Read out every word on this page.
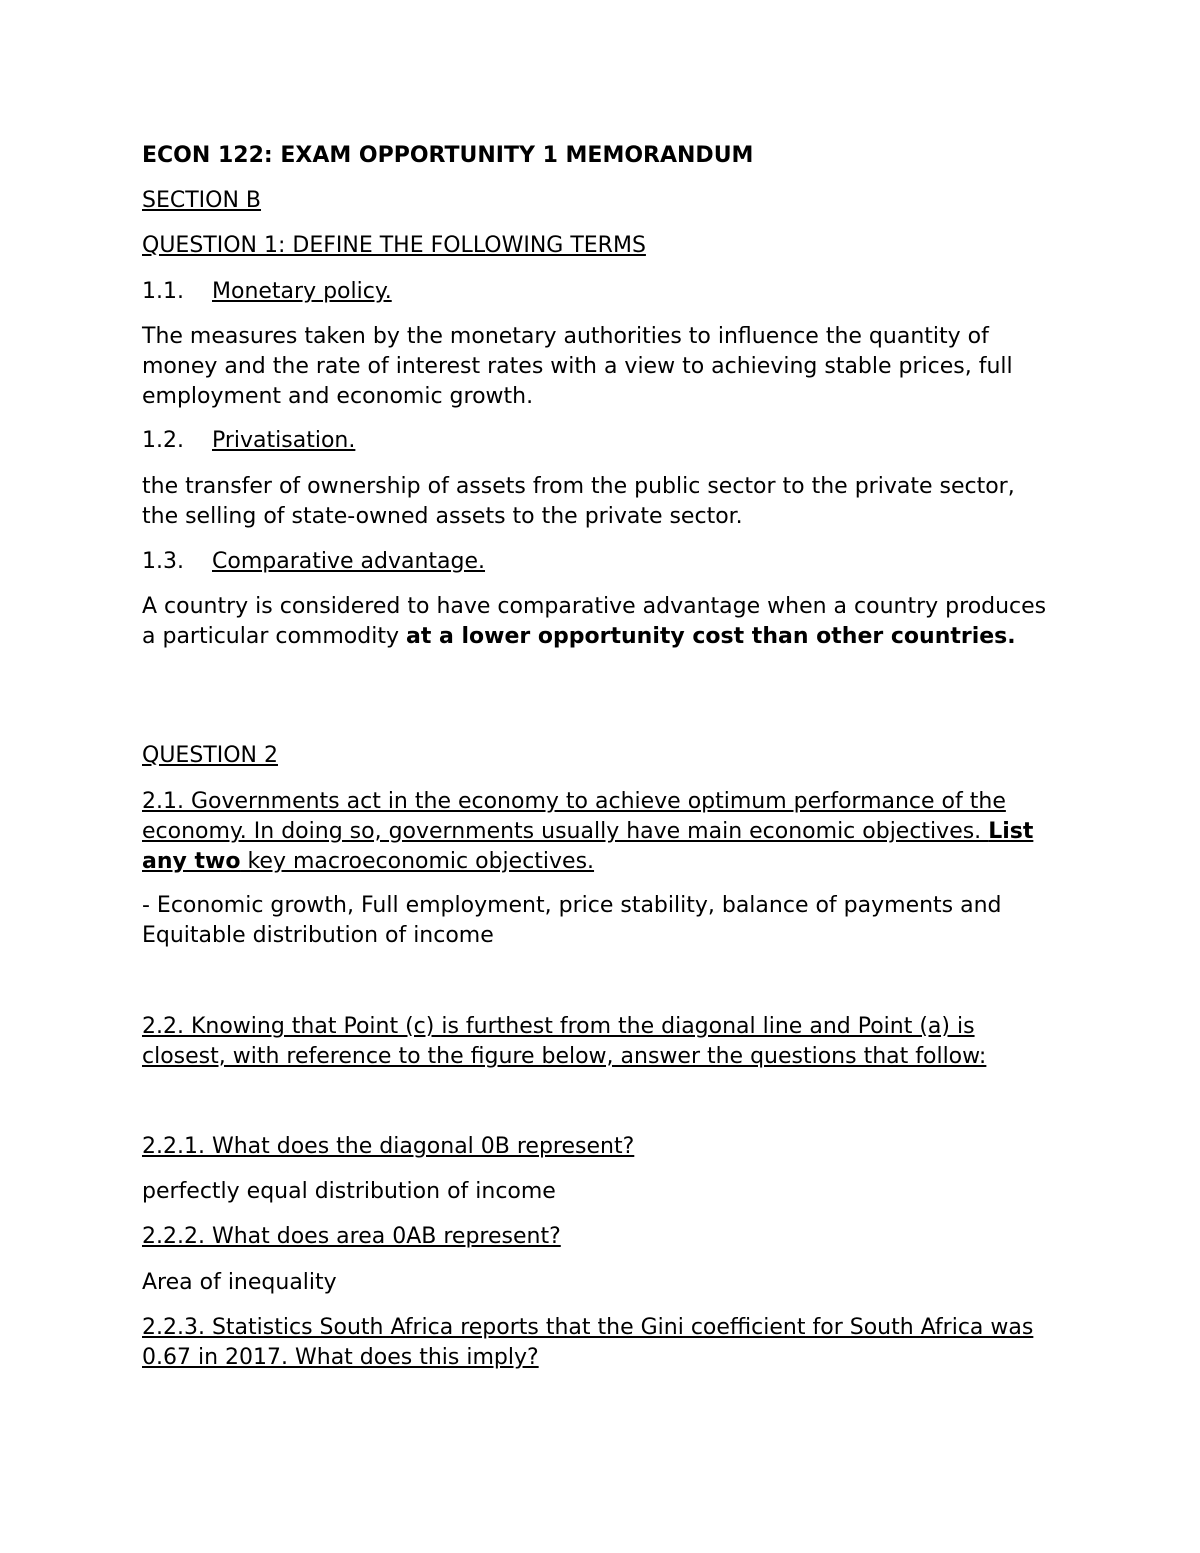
ECON 122: EXAM OPPORTUNITY 1 MEMORANDUM

SECTION B

QUESTION 1: DEFINE THE FOLLOWING TERMS

1.1. Monetary policy.

The measures taken by the monetary authorities to influence the quantity of money and the rate of interest rates with a view to achieving stable prices, full employment and economic growth.

1.2. Privatisation.

the transfer of ownership of assets from the public sector to the private sector, the selling of state-owned assets to the private sector.

1.3. Comparative advantage.

A country is considered to have comparative advantage when a country produces a particular commodity at a lower opportunity cost than other countries.

QUESTION 2

2.1. Governments act in the economy to achieve optimum performance of the economy. In doing so, governments usually have main economic objectives. List any two key macroeconomic objectives.

- Economic growth, Full employment, price stability, balance of payments and Equitable distribution of income

2.2. Knowing that Point (c) is furthest from the diagonal line and Point (a) is closest, with reference to the figure below, answer the questions that follow:

2.2.1. What does the diagonal 0B represent?

perfectly equal distribution of income

2.2.2. What does area 0AB represent?

Area of inequality

2.2.3. Statistics South Africa reports that the Gini coefficient for South Africa was 0.67 in 2017. What does this imply?
